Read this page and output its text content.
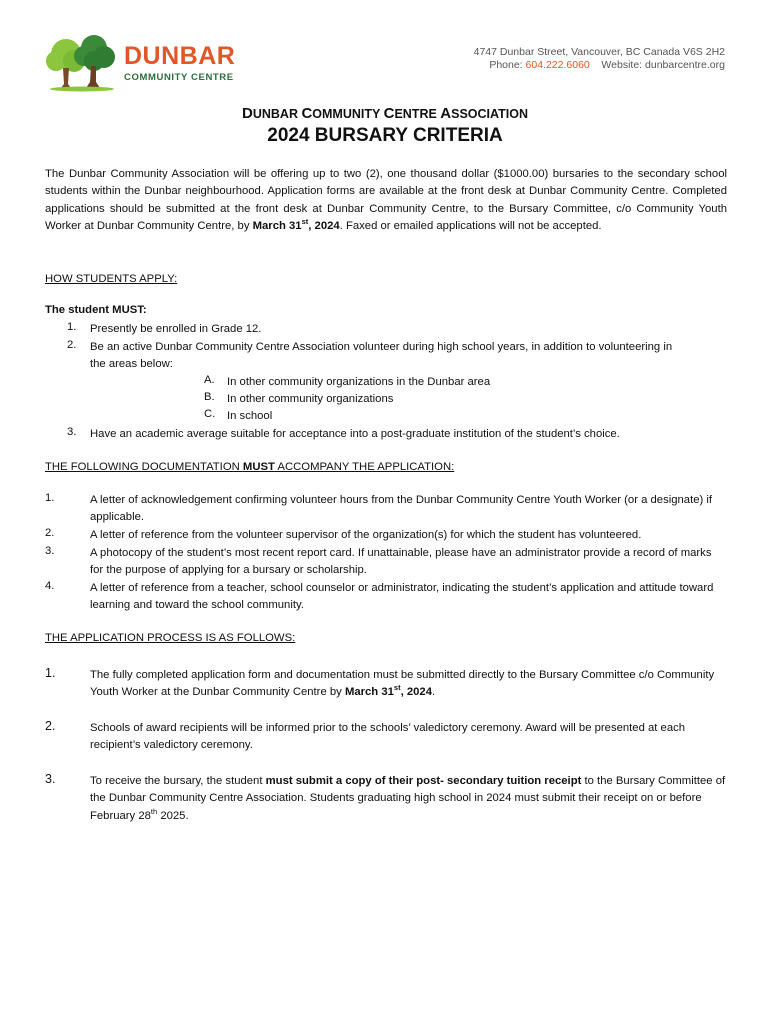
DUNBAR
COMMUNITY CENTRE
4747 Dunbar Street, Vancouver, BC Canada V6S 2H2
Phone: 604.222.6060 Website: dunbarcentre.org
DUNBAR COMMUNITY CENTRE ASSOCIATION
2024 BURSARY CRITERIA
The Dunbar Community Association will be offering up to two (2), one thousand dollar ($1000.00) bursaries to the secondary school students within the Dunbar neighbourhood. Application forms are available at the front desk at Dunbar Community Centre. Completed applications should be submitted at the front desk at Dunbar Community Centre, to the Bursary Committee, c/o Community Youth Worker at Dunbar Community Centre, by March 31st, 2024. Faxed or emailed applications will not be accepted.
HOW STUDENTS APPLY:
The student MUST:
1. Presently be enrolled in Grade 12.
2. Be an active Dunbar Community Centre Association volunteer during high school years, in addition to volunteering in the areas below:
A. In other community organizations in the Dunbar area
B. In other community organizations
C. In school
3. Have an academic average suitable for acceptance into a post-graduate institution of the student’s choice.
THE FOLLOWING DOCUMENTATION MUST ACCOMPANY THE APPLICATION:
1.	A letter of acknowledgement confirming volunteer hours from the Dunbar Community Centre Youth Worker (or a designate) if applicable.
2.	A letter of reference from the volunteer supervisor of the organization(s) for which the student has volunteered.
3.	A photocopy of the student’s most recent report card. If unattainable, please have an administrator provide a record of marks for the purpose of applying for a bursary or scholarship.
4.	A letter of reference from a teacher, school counselor or administrator, indicating the student’s application and attitude toward learning and toward the school community.
THE APPLICATION PROCESS IS AS FOLLOWS:
1.	The fully completed application form and documentation must be submitted directly to the Bursary Committee c/o Community Youth Worker at the Dunbar Community Centre by March 31st, 2024.
2.	Schools of award recipients will be informed prior to the schools’ valedictory ceremony. Award will be presented at each recipient’s valedictory ceremony.
3.	To receive the bursary, the student must submit a copy of their post- secondary tuition receipt to the Bursary Committee of the Dunbar Community Centre Association. Students graduating high school in 2024 must submit their receipt on or before February 28th 2025.
